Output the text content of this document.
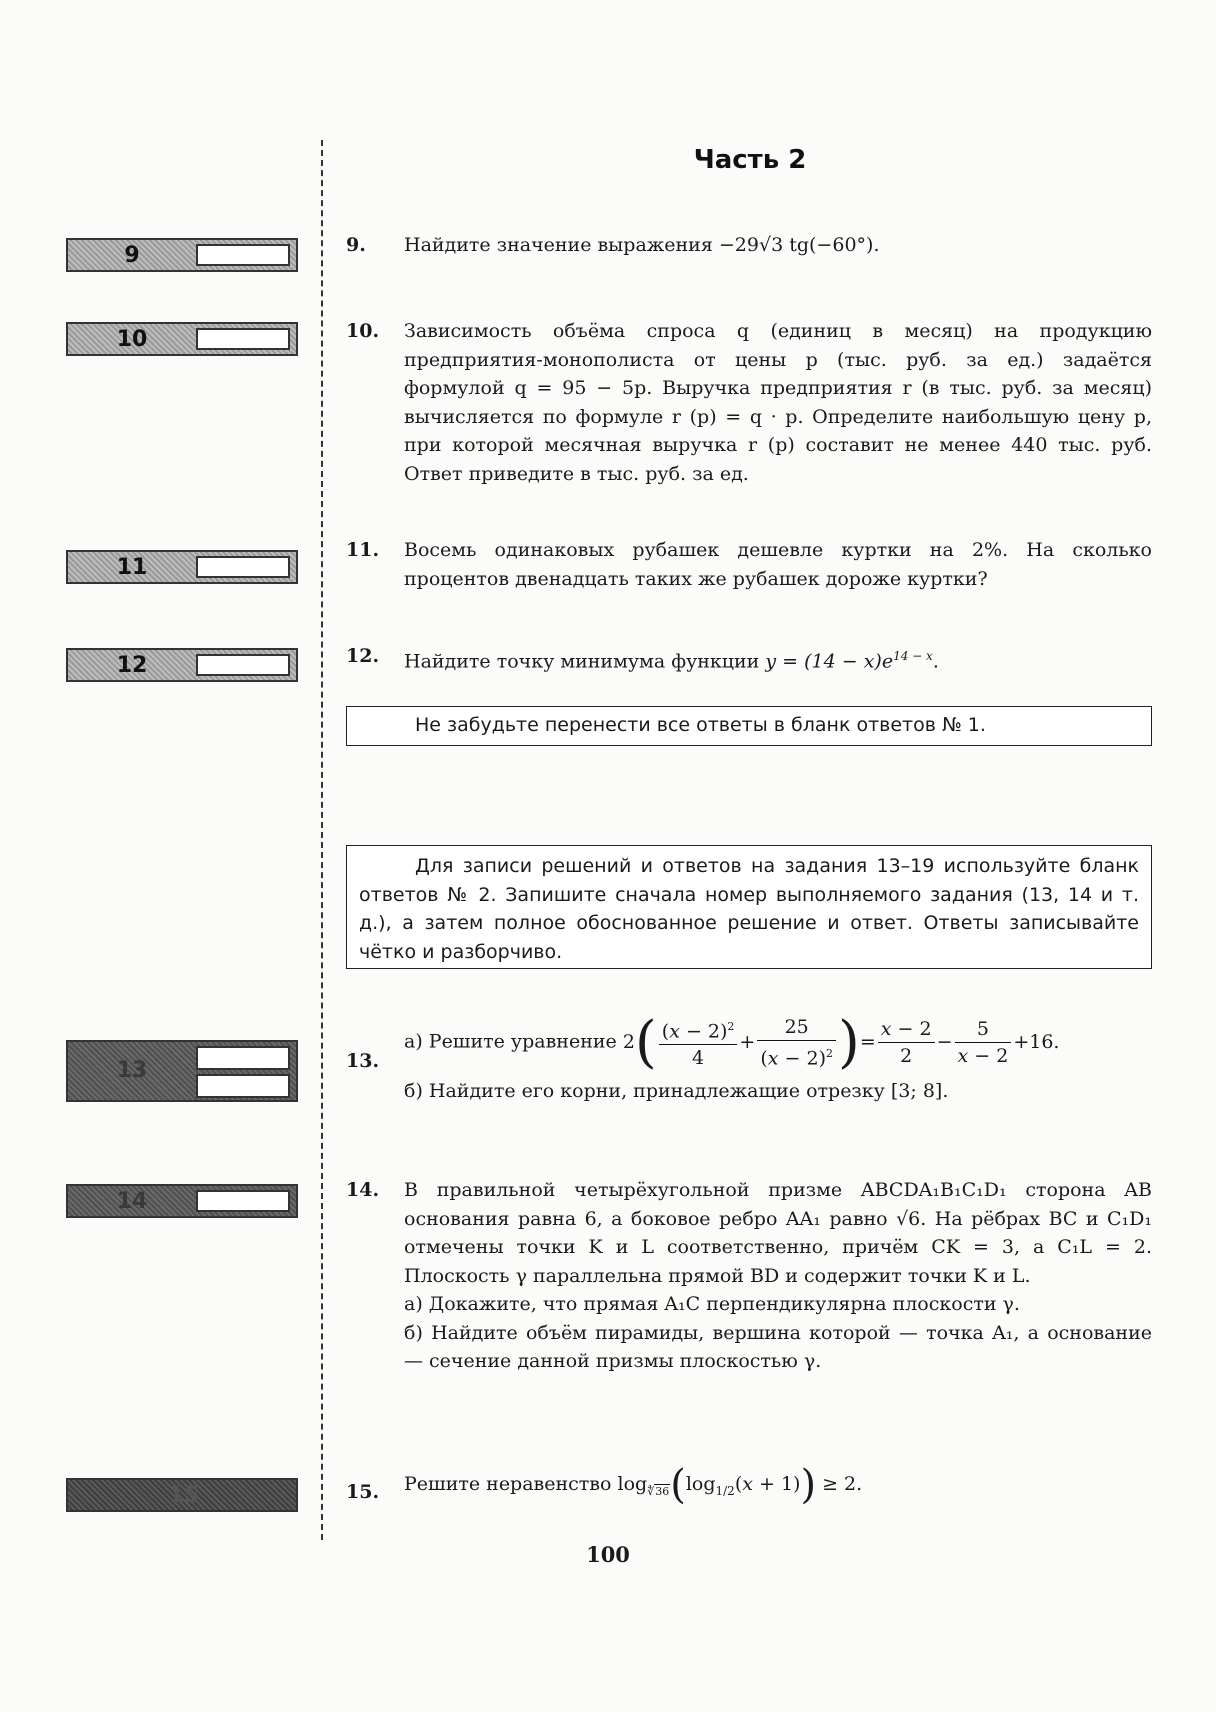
Часть 2
9
10
11
12
13
14
15
9. Найдите значение выражения −29√3 tg(−60°).
10. Зависимость объёма спроса q (единиц в месяц) на продукцию предприятия-монополиста от цены p (тыс. руб. за ед.) задаётся формулой q = 95 − 5p. Выручка предприятия r (в тыс. руб. за месяц) вычисляется по формуле r (p) = q · p. Определите наибольшую цену p, при которой месячная выручка r (p) составит не менее 440 тыс. руб. Ответ приведите в тыс. руб. за ед.

11. Восемь одинаковых рубашек дешевле куртки на 2%. На сколько процентов двенадцать таких же рубашек дороже куртки?

12. Найдите точку минимума функции $y = (14 - x)e^{14 - x}$.
Не забудьте перенести все ответы в бланк ответов № 1.
Для записи решений и ответов на задания 13–19 используйте бланк ответов № 2. Запишите сначала номер выполняемого задания (13, 14 и т. д.), а затем полное обоснованное решение и ответ. Ответы записывайте чётко и разборчиво.
13.
а) Решите уравнение $2( \frac{(x - 2)^2}{4} + \frac{25}{(x - 2)^2}$ )= $\frac{x - 2}{2} - \frac{5}{x - 2} +16$.

б) Найдите его корни, принадлежащие отрезку [3; 8].

14. В правильной четырёхугольной призме ABCDA₁B₁C₁D₁ сторона AB основания равна 6, а боковое ребро AA₁ равно √6. На рёбрах BC и C₁D₁ отмечены точки K и L соответственно, причём CK = 3, а C₁L = 2. Плоскость γ параллельна прямой BD и содержит точки K и L.

а) Докажите, что прямая A₁C перпендикулярна плоскости γ.

б) Найдите объём пирамиды, вершина которой — точка A₁, а основание — сечение данной призмы плоскостью γ.

15. Решите неравенство $\log_{∜36}(\log_{1/2}(x + 1)) \ge 2$.
100
